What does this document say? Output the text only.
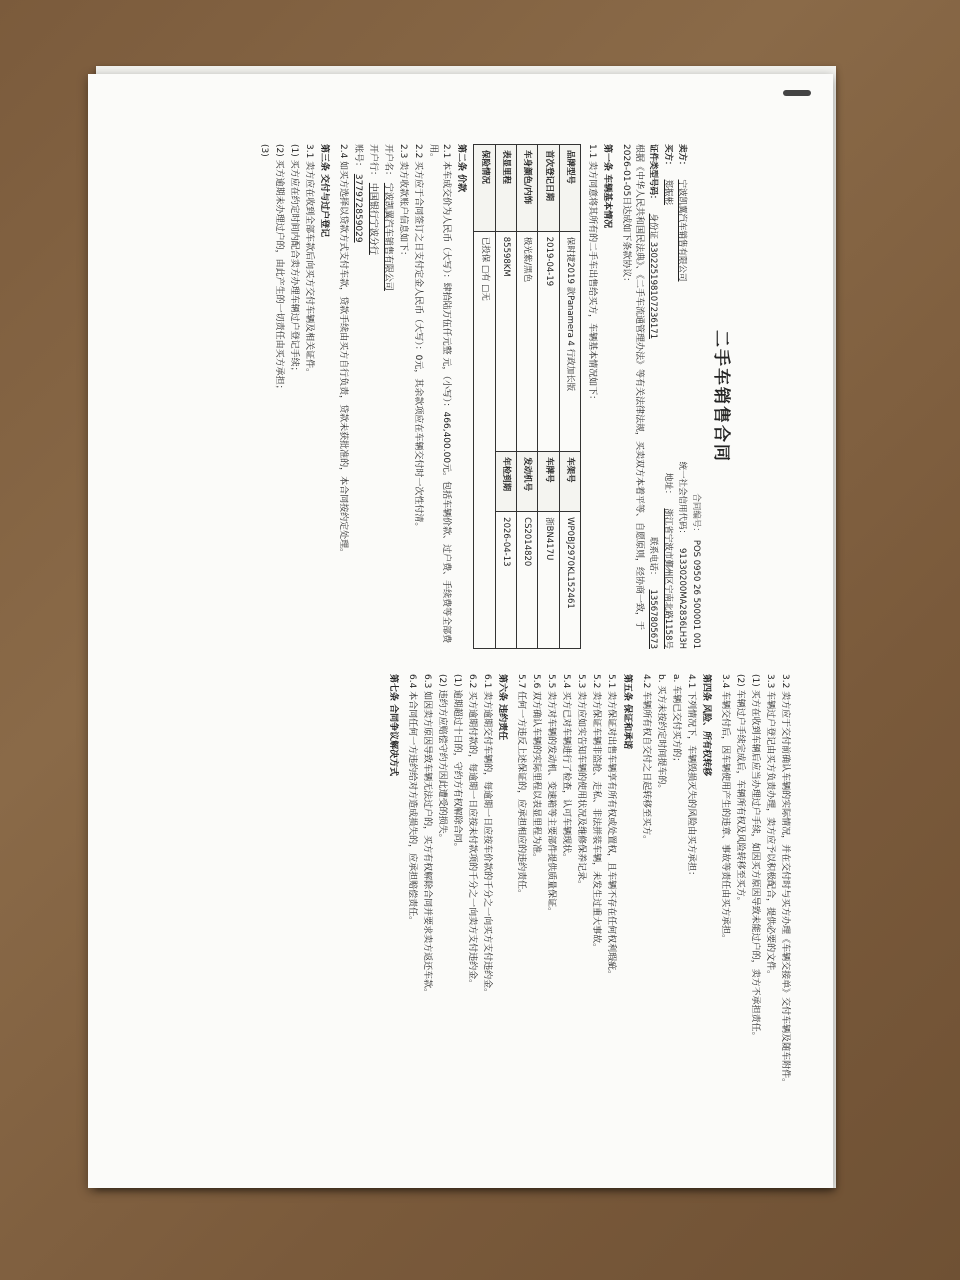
二手车销售合同
合同编号：
POS 0950 26 500001 001
卖方：
宁波凯翼汽车销售有限公司
统一社会信用代码：
91330200MA2836LH3H
买方：
郑振彬
地址：
浙江省宁波市鄞州区宁南北路1158号
证件类型号码：
身份证 330225198107236171
联系电话：
13567805673

根据《中华人民共和国民法典》、《二手车流通管理办法》等有关法律法规，买卖双方本着平等、自愿原则，经协商一致，于2026-01-05日达成如下条款协议：

第一条 车辆基本情况

1.1 卖方同意将其所有的二手车出售给买方，车辆基本情况如下：

品牌型号	保时捷2019 款Panamera 4 行政加长版	车架号	WP0BJ2970KL152461
首次登记日期	2019-04-19	车牌号	浙BN417U
车身颜色/内饰	极光紫/黑色	发动机号	CS2014820
表显里程	85598KM	年检到期	2026-04-13
保险情况	已投保 □有 □无		
第二条 价款

2.1 本车成交价为人民币（大写）：肆拾陆万伍仟元整 元，（小写）：466,400.00元。包括车辆价款、过户费、手续费等全部费用。

2.2 买方应于合同签订之日支付定金人民币（大写）：0元，其余款项应在车辆交付时一次性付清。

2.3 卖方收款账户信息如下：

开户名： 宁波凯翼汽车销售有限公司

开户行： 中国银行宁波分行

账号： 377972859029

2.4 如买方选择以贷款方式支付车款，贷款手续由买方自行负责，贷款未获批准的，本合同按约定处理。

第三条 交付与过户登记

3.1 卖方应在收到全部车款后向买方交付车辆及相关证件。

(1) 买方应在约定时间内配合卖方办理车辆过户登记手续；

(2) 买方逾期未办理过户的，由此产生的一切责任由买方承担；

(3)

3.2 卖方应于交付前确认车辆的实际情况，并在交付时与买方办理《车辆交接单》交付车辆及随车附件。

3.3 车辆过户登记由买方负责办理，卖方应予以积极配合，提供必要的文件。

(1) 买方在收到车辆后应当办理过户手续，如因买方原因导致未能过户的，卖方不承担责任。

(2) 车辆过户手续完成后，车辆所有权及风险转移至买方。

3.4 车辆交付后，因车辆使用产生的违章、事故等责任由买方承担。

第四条 风险、所有权转移

4.1 下列情况下，车辆毁损灭失的风险由买方承担：

a. 车辆已交付买方的；

b. 买方未按约定时间提车的。

4.2 车辆所有权自交付之日起转移至买方。

第五条 保证和承诺

5.1 卖方保证对出售车辆享有所有权或处置权，且车辆不存在任何权利瑕疵。

5.2 卖方保证车辆非盗抢、走私、非法拼装车辆，未发生过重大事故。

5.3 卖方应如实告知车辆的使用状况及维修保养记录。

5.4 买方已对车辆进行了检查，认可车辆现状。

5.5 卖方对车辆的发动机、变速箱等主要部件提供质量保证。

5.6 双方确认车辆的实际里程以表显里程为准。

5.7 任何一方违反上述保证的，应承担相应的违约责任。

第六条 违约责任

6.1 卖方逾期交付车辆的，每逾期一日应按车价款的千分之一向买方支付违约金。

6.2 买方逾期付款的，每逾期一日应按未付款项的千分之一向卖方支付违约金。

(1) 逾期超过十日的，守约方有权解除合同。

(2) 违约方应赔偿守约方因此遭受的损失。

6.3 如因卖方原因导致车辆无法过户的，买方有权解除合同并要求卖方返还车款。

6.4 本合同任何一方违约给对方造成损失的，应承担赔偿责任。

第七条 合同争议解决方式
